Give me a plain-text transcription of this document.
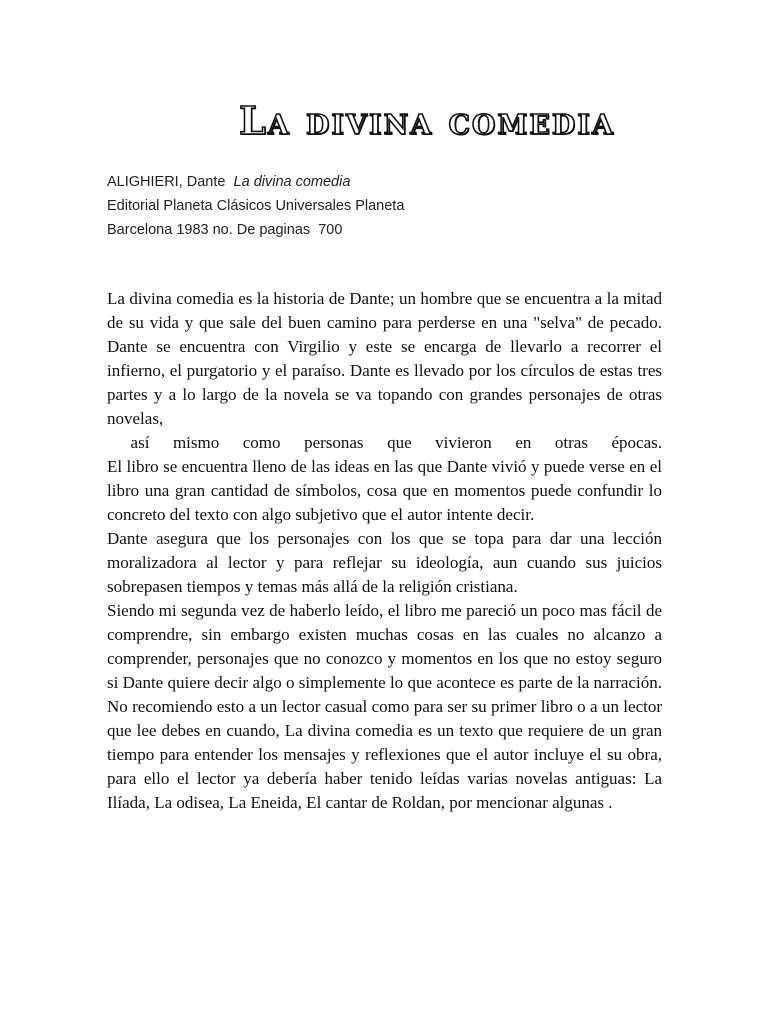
La divina comedia
ALIGHIERI, Dante La divina comedia
Editorial Planeta Clásicos Universales Planeta
Barcelona 1983 no. De paginas  700

La divina comedia es la historia de Dante; un hombre que se encuentra a la mitad de su vida y que sale del buen camino para perderse en una "selva" de pecado. Dante se encuentra con Virgilio y este se encarga de llevarlo a recorrer el infierno, el purgatorio y el paraíso. Dante es llevado por los círculos de estas tres partes y a lo largo de la novela se va topando con grandes personajes de otras novelas,

así mismo como personas que vivieron en otras épocas.

El libro se encuentra lleno de las ideas en las que Dante vivió y puede verse en el libro una gran cantidad de símbolos, cosa que en momentos puede confundir lo concreto del texto con algo subjetivo que el autor intente decir.

Dante asegura que los personajes con los que se topa para dar una lección moralizadora al lector y para reflejar su ideología, aun cuando sus juicios sobrepasen tiempos y temas más allá de la religión cristiana.

Siendo mi segunda vez de haberlo leído, el libro me pareció un poco mas fácil de comprendre, sin embargo existen muchas cosas en las cuales no alcanzo a comprender, personajes que no conozco y momentos en los que no estoy seguro si Dante quiere decir algo o simplemente lo que acontece es parte de la narración. No recomiendo esto a un lector casual como para ser su primer libro o a un lector que lee debes en cuando, La divina comedia es un texto que requiere de un gran tiempo para entender los mensajes y reflexiones que el autor incluye el su obra, para ello el lector ya debería haber tenido leídas varias novelas antiguas: La Ilíada, La odisea, La Eneida, El cantar de Roldan, por mencionar algunas .
